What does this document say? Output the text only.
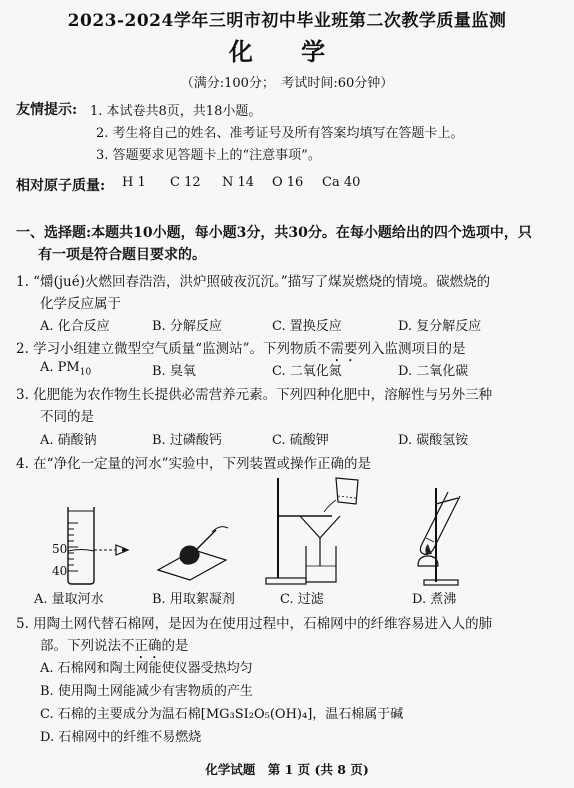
2023-2024学年三明市初中毕业班第二次教学质量监测
化 学
（满分:100分；　考试时间:60分钟）
友情提示: 1. 本试卷共8页，共18小题。
2. 考生将自己的姓名、准考证号及所有答案均填写在答题卡上。
3. 答题要求见答题卡上的“注意事项”。
相对原子质量: H 1 C 12 N 14 O 16 Ca 40
一、选择题:本题共10小题，每小题3分，共30分。在每小题给出的四个选项中，只
有一项是符合题目要求的。
1. “爝(jué)火燃回春浩浩，洪炉照破夜沉沉。”描写了煤炭燃烧的情境。碳燃烧的
化学反应属于
A. 化合反应	B. 分解反应	C. 置换反应	D. 复分解反应
2. 学习小组建立微型空气质量“监测站”。下列物质不需要列入监测项目的是
A. $PM_{10}$	B. 臭氧	C. 二氧化氮	D. 二氧化碳
3. 化肥能为农作物生长提供必需营养元素。下列四种化肥中，溶解性与另外三种
不同的是
A. 硝酸钠	B. 过磷酸钙	C. 硫酸钾	D. 碳酸氢铵
4. 在“净化一定量的河水”实验中，下列装置或操作正确的是
50
40
A. 量取河水	B. 用取絮凝剂	C. 过滤	D. 煮沸
5. 用陶土网代替石棉网，是因为在使用过程中，石棉网中的纤维容易进入人的肺
部。下列说法不正确的是
A. 石棉网和陶土网能使仪器受热均匀
B. 使用陶土网能减少有害物质的产生
C. 石棉的主要成分为温石棉[MG₃SI₂O₅(OH)₄]，温石棉属于碱
D. 石棉网中的纤维不易燃烧
化学试题　第 1 页 (共 8 页)
